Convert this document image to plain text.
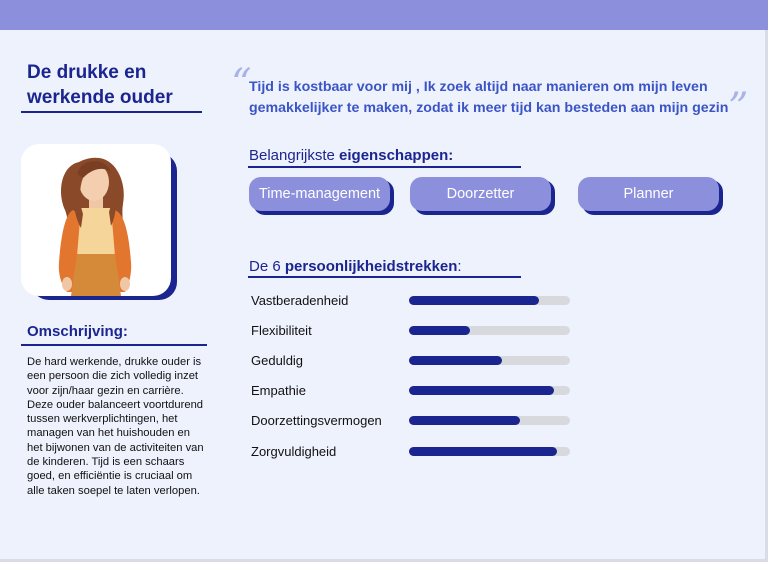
De drukke en werkende ouder
Omschrijving:
De hard werkende, drukke ouder is een persoon die zich volledig inzet voor zijn/haar gezin en carrière. Deze ouder balanceert voortdurend tussen werkverplichtingen, het managen van het huishouden en het bijwonen van de activiteiten van de kinderen. Tijd is een schaars goed, en efficiëntie is cruciaal om alle taken soepel te laten verlopen.
“
Tijd is kostbaar voor mij , Ik zoek altijd naar manieren om mijn leven gemakkelijker te maken, zodat ik meer tijd kan besteden aan mijn gezin ”
Belangrijkste eigenschappen:
Time-management	Doorzetter	Planner
De 6 persoonlijkheidstrekken:
Vastberadenheid
Flexibiliteit
Geduldig
Empathie
Doorzettingsvermogen
Zorgvuldigheid
